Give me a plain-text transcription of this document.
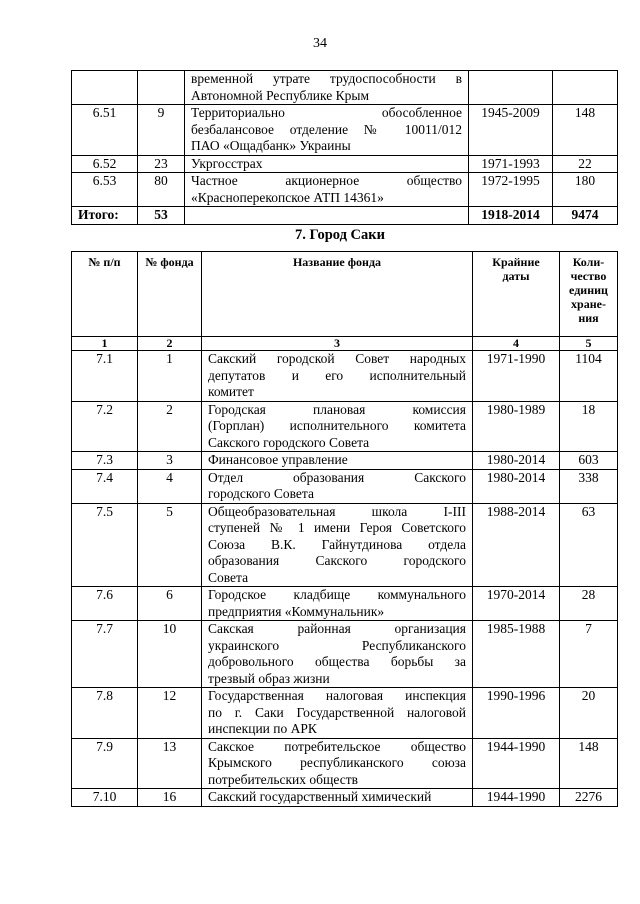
34

		временной утрате трудоспособности в
Автономной Республике Крым		

6.51	9	Территориально обособленное
безбалансовое отделение № 10011/012
ПАО «Ощадбанк» Украины	1945-2009	148
6.52	23	Укргосстрах	1971-1993	22
6.53	80	Частное акционерное общество
«Красноперекопское АТП 14361»	1972-1995	180
Итого:	53		1918-2014	9474
7. Город Саки
№ п/п	№ фонда	Название фонда	Крайние даты	Коли-
чество
единиц
хране-
ния

1	2	3	4	5
7.1	1	Сакский городской Совет народных
депутатов и его исполнительный
комитет	1971-1990	1104
7.2	2	Городская плановая комиссия
(Горплан) исполнительного комитета
Сакского городского Совета	1980-1989	18
7.3	3	Финансовое управление	1980-2014	603
7.4	4	Отдел образования Сакского
городского Совета	1980-2014	338
7.5	5	Общеобразовательная школа I-III
ступеней № 1 имени Героя Советского
Союза В.К. Гайнутдинова отдела
образования Сакского городского
Совета	1988-2014	63
7.6	6	Городское кладбище коммунального
предприятия «Коммунальник»	1970-2014	28
7.7	10	Сакская районная организация
украинского Республиканского
добровольного общества борьбы за
трезвый образ жизни	1985-1988	7
7.8	12	Государственная налоговая инспекция
по г. Саки Государственной налоговой
инспекции по АРК	1990-1996	20
7.9	13	Сакское потребительское общество
Крымского республиканского союза
потребительских обществ	1944-1990	148
7.10	16	Сакский государственный химический	1944-1990	2276
